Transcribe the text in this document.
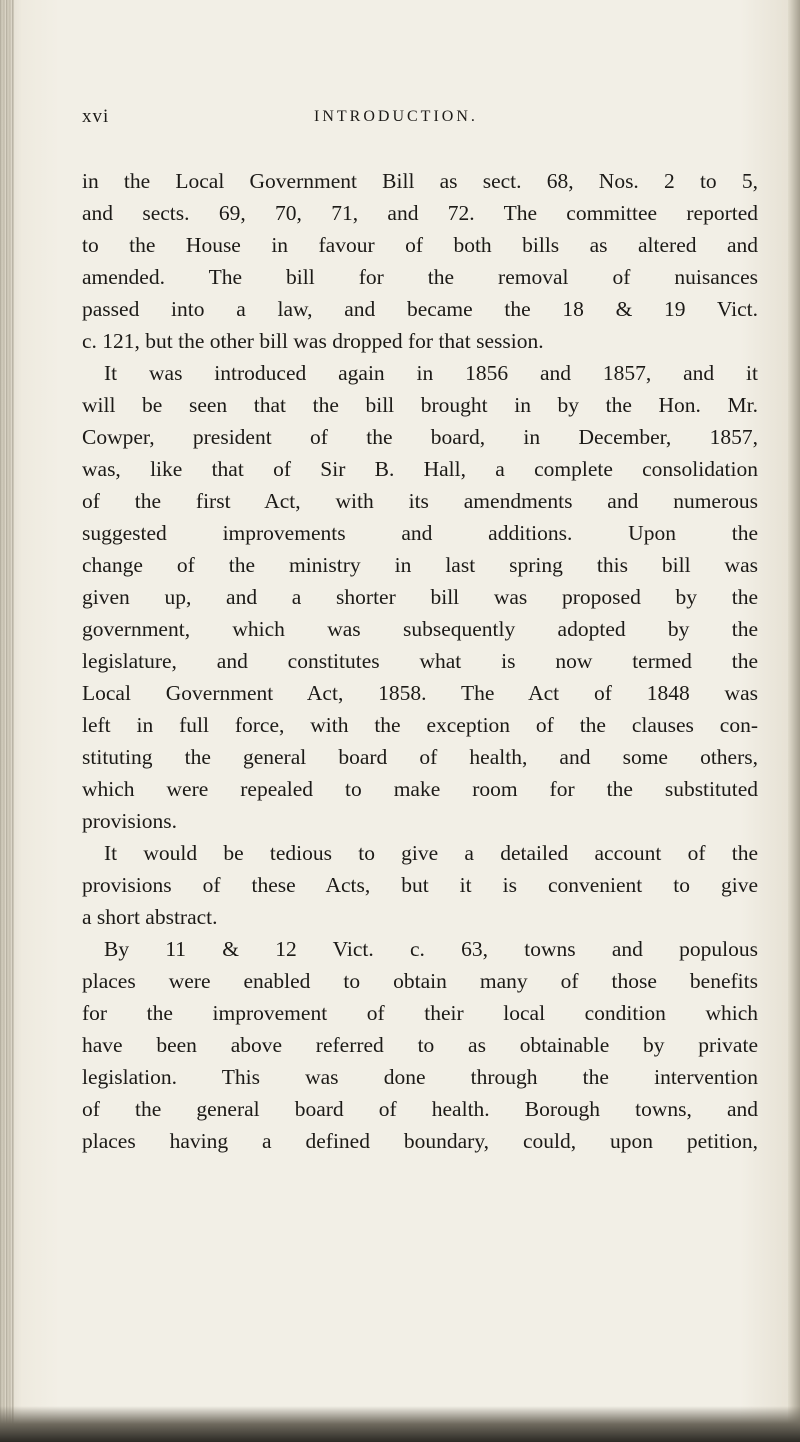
xvi	INTRODUCTION.
in the Local Government Bill as sect. 68, Nos. 2 to 5,
and sects. 69, 70, 71, and 72. The committee reported
to the House in favour of both bills as altered and
amended. The bill for the removal of nuisances
passed into a law, and became the 18 & 19 Vict.
c. 121, but the other bill was dropped for that session.
It was introduced again in 1856 and 1857, and it
will be seen that the bill brought in by the Hon. Mr.
Cowper, president of the board, in December, 1857,
was, like that of Sir B. Hall, a complete consolidation
of the first Act, with its amendments and numerous
suggested improvements and additions. Upon the
change of the ministry in last spring this bill was
given up, and a shorter bill was proposed by the
government, which was subsequently adopted by the
legislature, and constitutes what is now termed the
Local Government Act, 1858. The Act of 1848 was
left in full force, with the exception of the clauses con-
stituting the general board of health, and some others,
which were repealed to make room for the substituted
provisions.
It would be tedious to give a detailed account of the
provisions of these Acts, but it is convenient to give
a short abstract.
By 11 & 12 Vict. c. 63, towns and populous
places were enabled to obtain many of those benefits
for the improvement of their local condition which
have been above referred to as obtainable by private
legislation. This was done through the intervention
of the general board of health. Borough towns, and
places having a defined boundary, could, upon petition,
